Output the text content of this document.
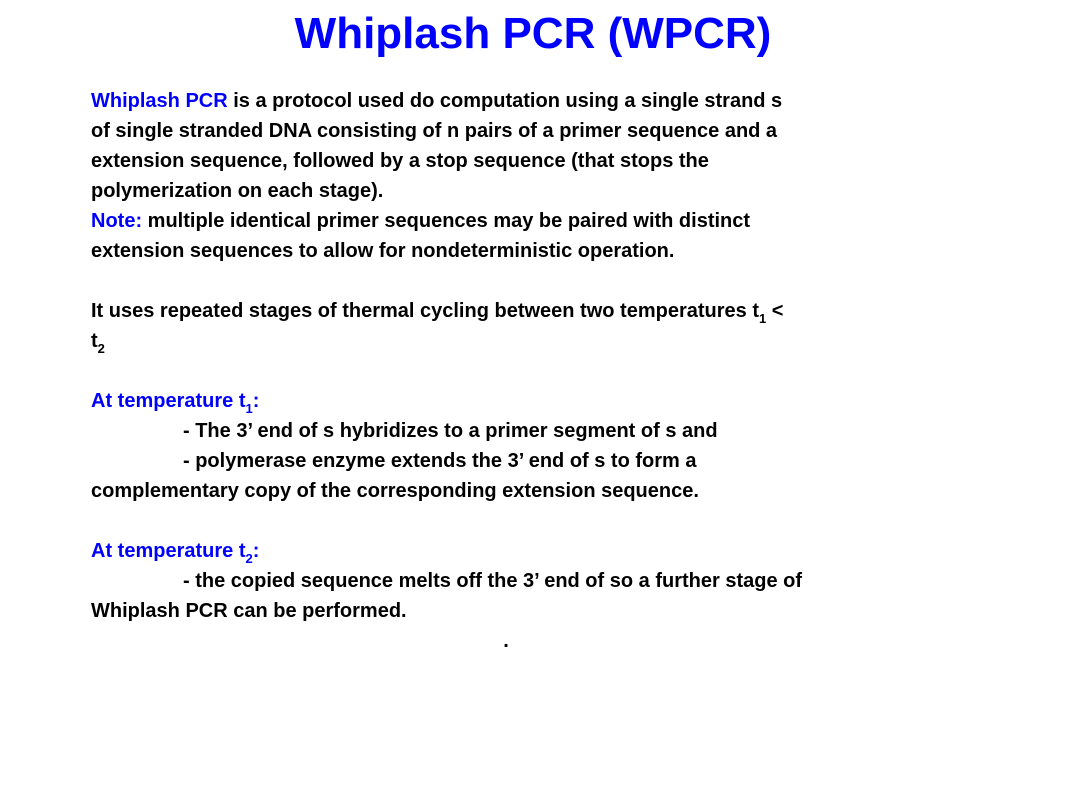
Whiplash PCR (WPCR)
Whiplash PCR is a protocol used do computation using a single strand s
of single stranded DNA consisting of n pairs of a primer sequence and a
extension sequence, followed by a stop sequence (that stops the
polymerization on each stage).
Note: multiple identical primer sequences may be paired with distinct
extension sequences to allow for nondeterministic operation.
It uses repeated stages of thermal cycling between two temperatures $t_1$ <
$t_2$
At temperature $t_1$:
- The 3’ end of s hybridizes to a primer segment of s and
- polymerase enzyme extends the 3’ end of s to form a
complementary copy of the corresponding extension sequence.
At temperature $t_2$:
- the copied sequence melts off the 3’ end of so a further stage of
Whiplash PCR can be performed.
.
